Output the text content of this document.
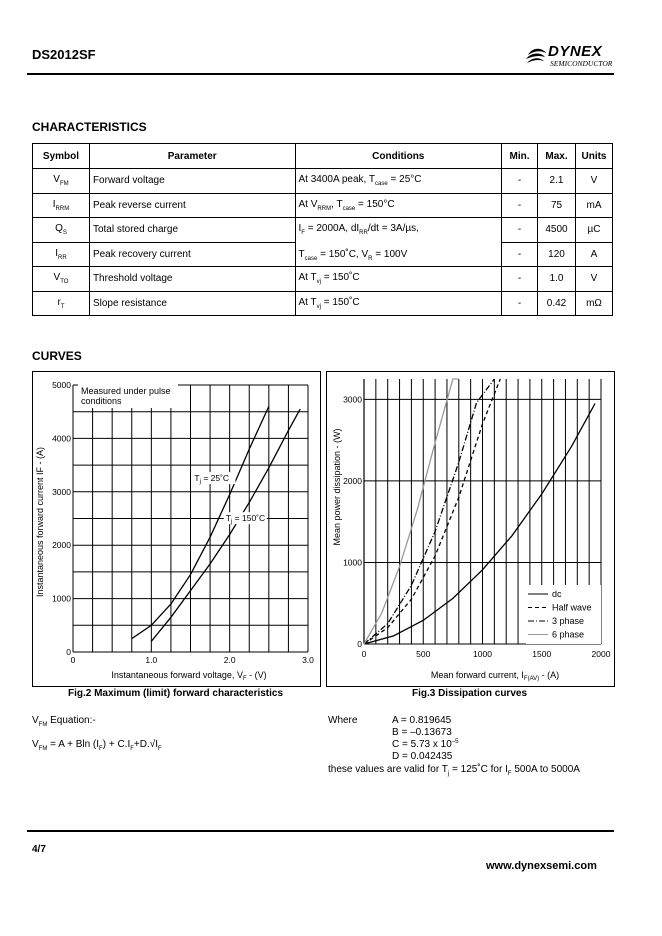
DS2012SF	DYNEX
SEMICONDUCTOR
CHARACTERISTICS
Symbol	Parameter	Conditions	Min.	Max.	Units
$V_{FM}$	Forward voltage	At 3400A peak, $T_{case} = 25^\circ C$	-	2.1	V
$I_{RRM}$	Peak reverse current	At $V_{RRM}$, $T_{case} = 150^\circ C$	-	75	mA
$Q_S$	Total stored charge	$I_F = 2000A$, $dI_{RR}/dt = 3A/\mu s$,
$T_{case}$ = 150˚C, $V_R = 100V$	-	4500	µC
$I_{RR}$	Peak recovery current		-	120	A
$V_{TO}$	Threshold voltage	At $T_{vj}$ = 150˚C	-	1.0	V
$r_T$	Slope resistance	At $T_{vj}$ = 150˚C	-	0.42	mΩ
CURVES
0
1000
2000
3000
4000
5000
0	1.0	2.0	3.0
Measured under pulse
conditions
$T_j$ = 25˚C
$T_j$ = 150˚C
Instantaneous forward voltage, $V_F - (V)$
Instantaneous forward current IF - (A)
Fig.2 Maximum (limit) forward characteristics
0
1000
2000
3000
0	500	1000	1500	2000
dc
Half wave
3 phase
6 phase
Mean forward current, $I_{F(AV)} - (A)$
Mean power dissipation - (W)
Fig.3 Dissipation curves
$V_{FM}$ Equation:-
$V_{FM} = A + Bln$ $(I_F) + C.I_F+D.√I_F$
Where	A = 0.819645
B = –0.13673
C = 5.73 x $10^{-5}$
D = 0.042435
these values are valid for $T_j$ = 125˚C for $I_F$ 500A to 5000A
4/7
www.dynexsemi.com
